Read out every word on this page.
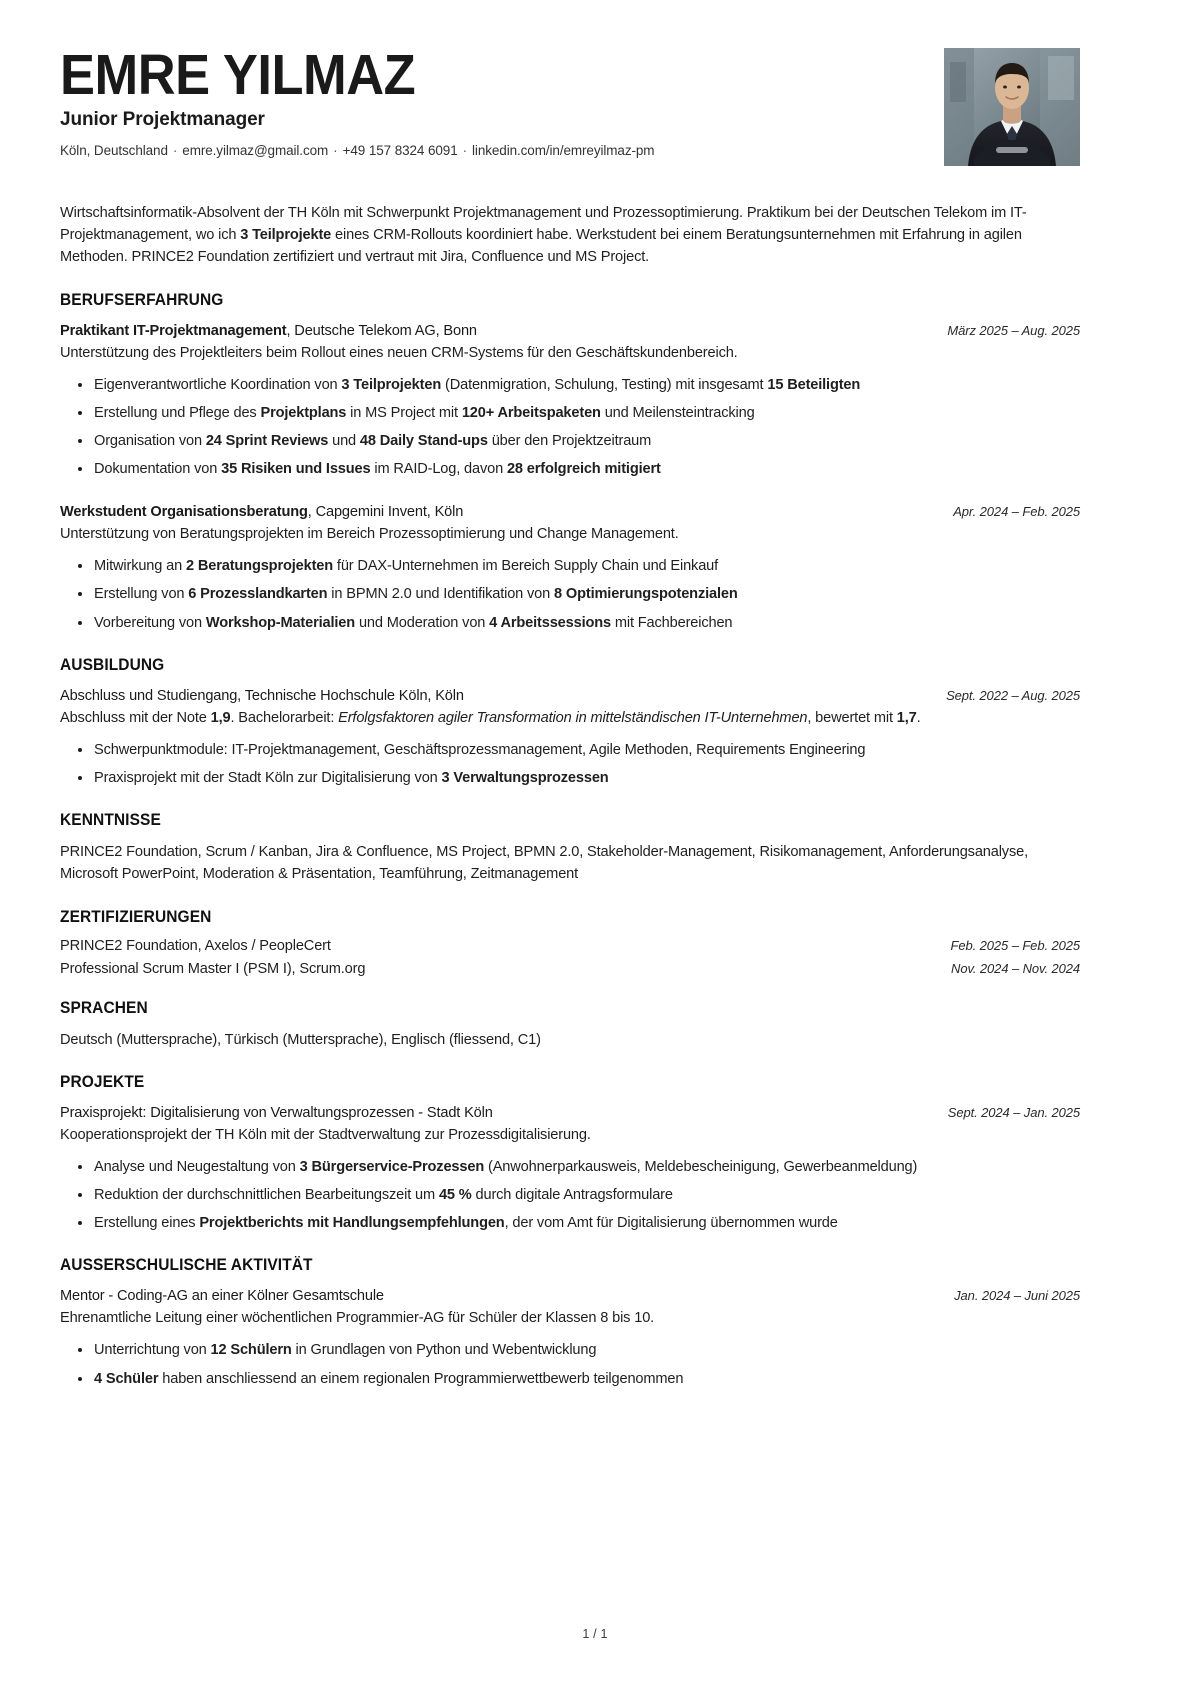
EMRE YILMAZ
Junior Projektmanager
Köln, Deutschland · emre.yilmaz@gmail.com · +49 157 8324 6091 · linkedin.com/in/emreyilmaz-pm

Wirtschaftsinformatik-Absolvent der TH Köln mit Schwerpunkt Projektmanagement und Prozessoptimierung. Praktikum bei der Deutschen Telekom im IT-Projektmanagement, wo ich 3 Teilprojekte eines CRM-Rollouts koordiniert habe. Werkstudent bei einem Beratungsunternehmen mit Erfahrung in agilen Methoden. PRINCE2 Foundation zertifiziert und vertraut mit Jira, Confluence und MS Project.

BERUFSERFAHRUNG
Praktikant IT-Projektmanagement, Deutsche Telekom AG, Bonn	März 2025 – Aug. 2025
Unterstützung des Projektleiters beim Rollout eines neuen CRM-Systems für den Geschäftskundenbereich.
Eigenverantwortliche Koordination von 3 Teilprojekten (Datenmigration, Schulung, Testing) mit insgesamt 15 Beteiligten
Erstellung und Pflege des Projektplans in MS Project mit 120+ Arbeitspaketen und Meilensteintracking
Organisation von 24 Sprint Reviews und 48 Daily Stand-ups über den Projektzeitraum
Dokumentation von 35 Risiken und Issues im RAID-Log, davon 28 erfolgreich mitigiert
Werkstudent Organisationsberatung, Capgemini Invent, Köln	Apr. 2024 – Feb. 2025
Unterstützung von Beratungsprojekten im Bereich Prozessoptimierung und Change Management.
Mitwirkung an 2 Beratungsprojekten für DAX-Unternehmen im Bereich Supply Chain und Einkauf
Erstellung von 6 Prozesslandkarten in BPMN 2.0 und Identifikation von 8 Optimierungspotenzialen
Vorbereitung von Workshop-Materialien und Moderation von 4 Arbeitssessions mit Fachbereichen
AUSBILDUNG
Abschluss und Studiengang, Technische Hochschule Köln, Köln	Sept. 2022 – Aug. 2025
Abschluss mit der Note 1,9. Bachelorarbeit: Erfolgsfaktoren agiler Transformation in mittelständischen IT-Unternehmen, bewertet mit 1,7.
Schwerpunktmodule: IT-Projektmanagement, Geschäftsprozessmanagement, Agile Methoden, Requirements Engineering
Praxisprojekt mit der Stadt Köln zur Digitalisierung von 3 Verwaltungsprozessen
KENNTNISSE
PRINCE2 Foundation, Scrum / Kanban, Jira & Confluence, MS Project, BPMN 2.0, Stakeholder-Management, Risikomanagement, Anforderungsanalyse, Microsoft PowerPoint, Moderation & Präsentation, Teamführung, Zeitmanagement
ZERTIFIZIERUNGEN
PRINCE2 Foundation, Axelos / PeopleCert	Feb. 2025 – Feb. 2025
Professional Scrum Master I (PSM I), Scrum.org	Nov. 2024 – Nov. 2024
SPRACHEN
Deutsch (Muttersprache), Türkisch (Muttersprache), Englisch (fliessend, C1)
PROJEKTE
Praxisprojekt: Digitalisierung von Verwaltungsprozessen - Stadt Köln	Sept. 2024 – Jan. 2025
Kooperationsprojekt der TH Köln mit der Stadtverwaltung zur Prozessdigitalisierung.
Analyse und Neugestaltung von 3 Bürgerservice-Prozessen (Anwohnerparkausweis, Meldebescheinigung, Gewerbeanmeldung)
Reduktion der durchschnittlichen Bearbeitungszeit um 45 % durch digitale Antragsformulare
Erstellung eines Projektberichts mit Handlungsempfehlungen, der vom Amt für Digitalisierung übernommen wurde
AUSSERSCHULISCHE AKTIVITÄT
Mentor - Coding-AG an einer Kölner Gesamtschule	Jan. 2024 – Juni 2025
Ehrenamtliche Leitung einer wöchentlichen Programmier-AG für Schüler der Klassen 8 bis 10.
Unterrichtung von 12 Schülern in Grundlagen von Python und Webentwicklung
4 Schüler haben anschliessend an einem regionalen Programmierwettbewerb teilgenommen
1 / 1
